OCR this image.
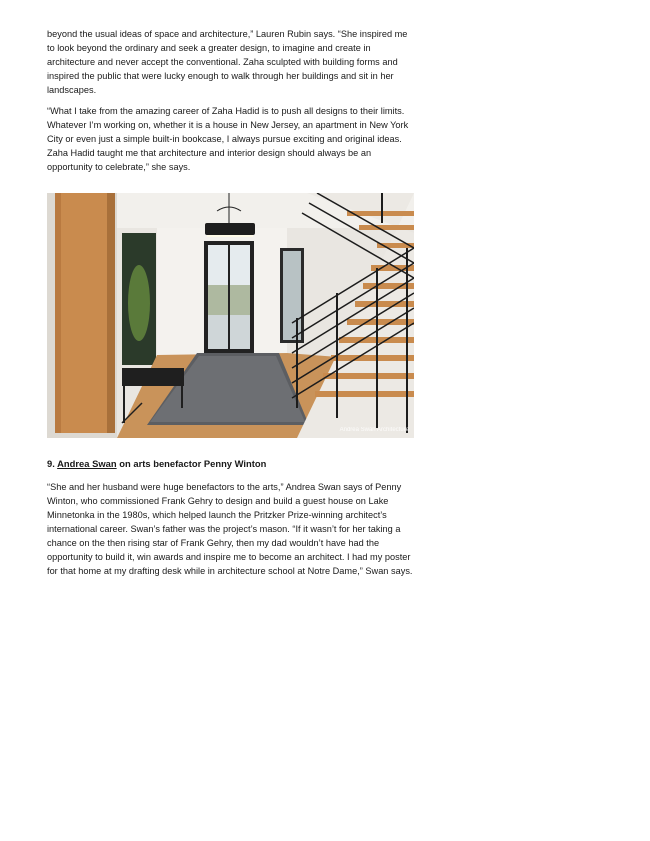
beyond the usual ideas of space and architecture,” Lauren Rubin says. “She inspired me to look beyond the ordinary and seek a greater design, to imagine and create in architecture and never accept the conventional. Zaha sculpted with building forms and inspired the public that were lucky enough to walk through her buildings and sit in her landscapes.

“What I take from the amazing career of Zaha Hadid is to push all designs to their limits. Whatever I’m working on, whether it is a house in New Jersey, an apartment in New York City or even just a simple built-in bookcase, I always pursue exciting and original ideas. Zaha Hadid taught me that architecture and interior design should always be an opportunity to celebrate,” she says.

Andrea Swan Architecture

9. Andrea Swan on arts benefactor Penny Winton

“She and her husband were huge benefactors to the arts,” Andrea Swan says of Penny Winton, who commissioned Frank Gehry to design and build a guest house on Lake Minnetonka in the 1980s, which helped launch the Pritzker Prize-winning architect’s international career. Swan’s father was the project’s mason. “If it wasn’t for her taking a chance on the then rising star of Frank Gehry, then my dad wouldn’t have had the opportunity to build it, win awards and inspire me to become an architect. I had my poster for that home at my drafting desk while in architecture school at Notre Dame,” Swan says.
